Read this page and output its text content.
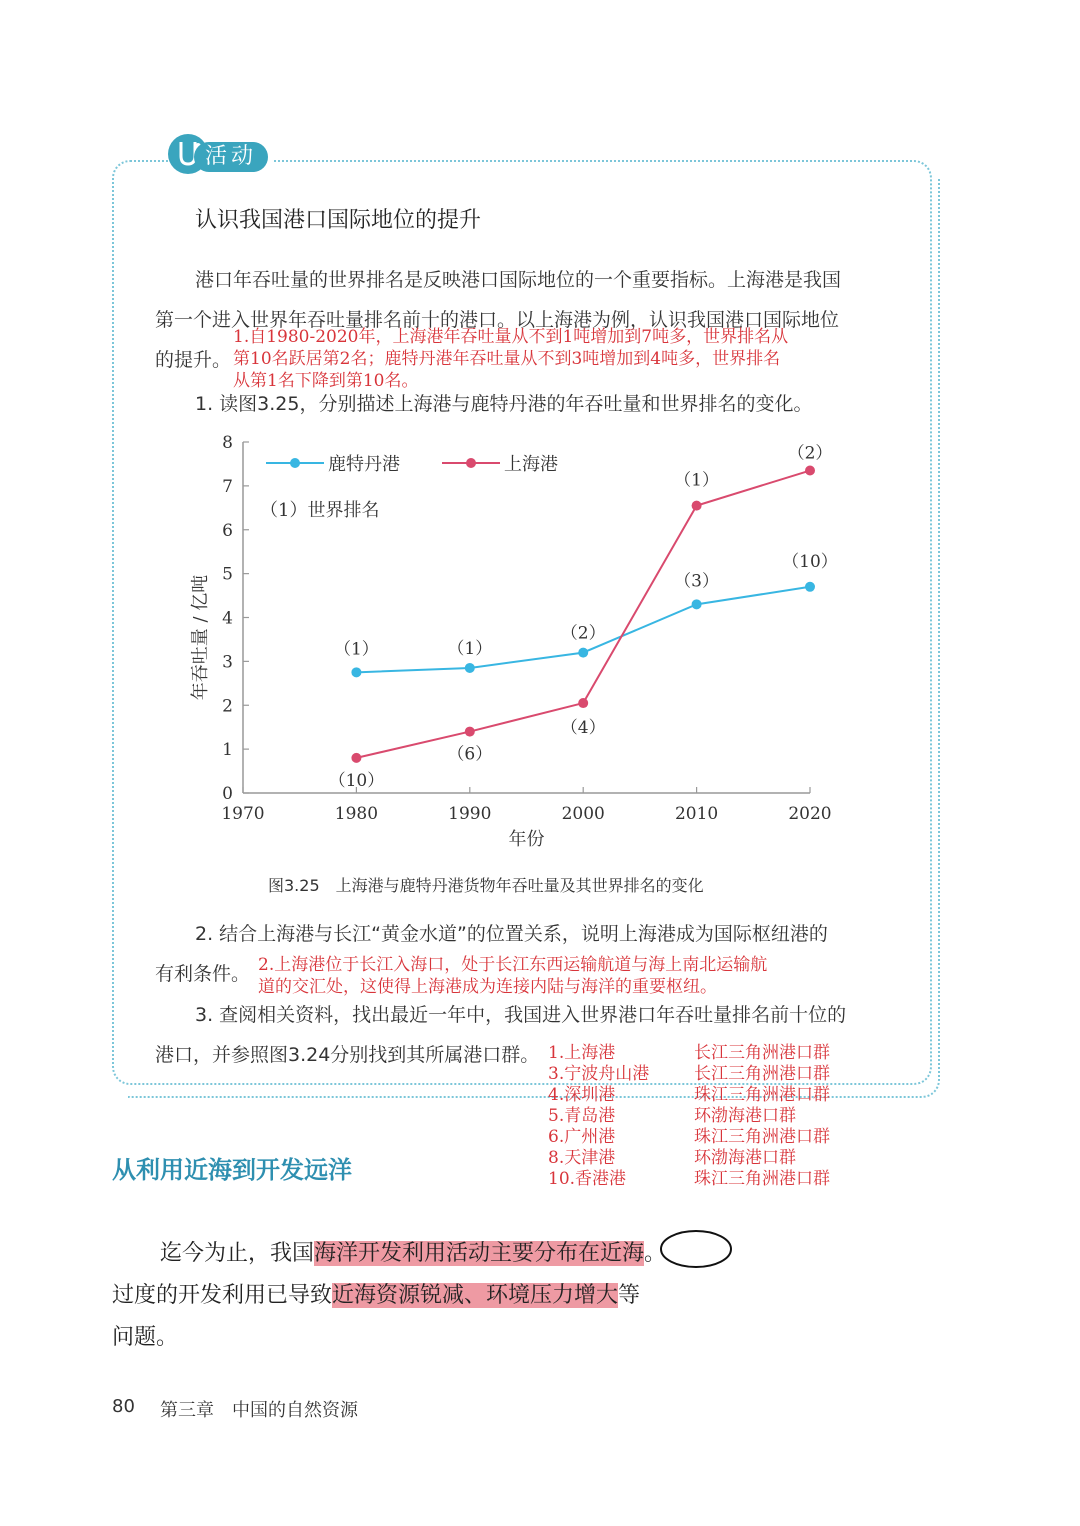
活动
认识我国港口国际地位的提升
港口年吞吐量的世界排名是反映港口国际地位的一个重要指标。上海港是我国
第一个进入世界年吞吐量排名前十的港口。以上海港为例，认识我国港口国际地位
的提升。
1.自1980-2020年，上海港年吞吐量从不到1吨增加到7吨多，世界排名从
第10名跃居第2名；鹿特丹港年吞吐量从不到3吨增加到4吨多，世界排名
从第1名下降到第10名。
1. 读图3.25，分别描述上海港与鹿特丹港的年吞吐量和世界排名的变化。
0
1
2
3
4
5
6
7
8
1970	1980	1990	2000	2010	2020
年份
年吞吐量 / 亿吨
鹿特丹港	上海港
（1）世界排名
（1）	（1）
（2）
（3）
（10）
（10）
（6）
（4）
（1）
（2）
图3.25　上海港与鹿特丹港货物年吞吐量及其世界排名的变化
2. 结合上海港与长江“黄金水道”的位置关系，说明上海港成为国际枢纽港的
有利条件。 2.上海港位于长江入海口，处于长江东西运输航道与海上南北运输航
道的交汇处，这使得上海港成为连接内陆与海洋的重要枢纽。
3. 查阅相关资料，找出最近一年中，我国进入世界港口年吞吐量排名前十位的
港口，并参照图3.24分别找到其所属港口群。 1.上海港	长江三角洲港口群
3.宁波舟山港	长江三角洲港口群
4.深圳港	珠江三角洲港口群
5.青岛港	环渤海港口群
6.广州港	珠江三角洲港口群
8.天津港	环渤海港口群
10.香港港	珠江三角洲港口群
从利用近海到开发远洋
迄今为止，我国海洋开发利用活动主要分布在近海。
过度的开发利用已导致近海资源锐减、环境压力增大等
问题。
80 第三章　中国的自然资源
